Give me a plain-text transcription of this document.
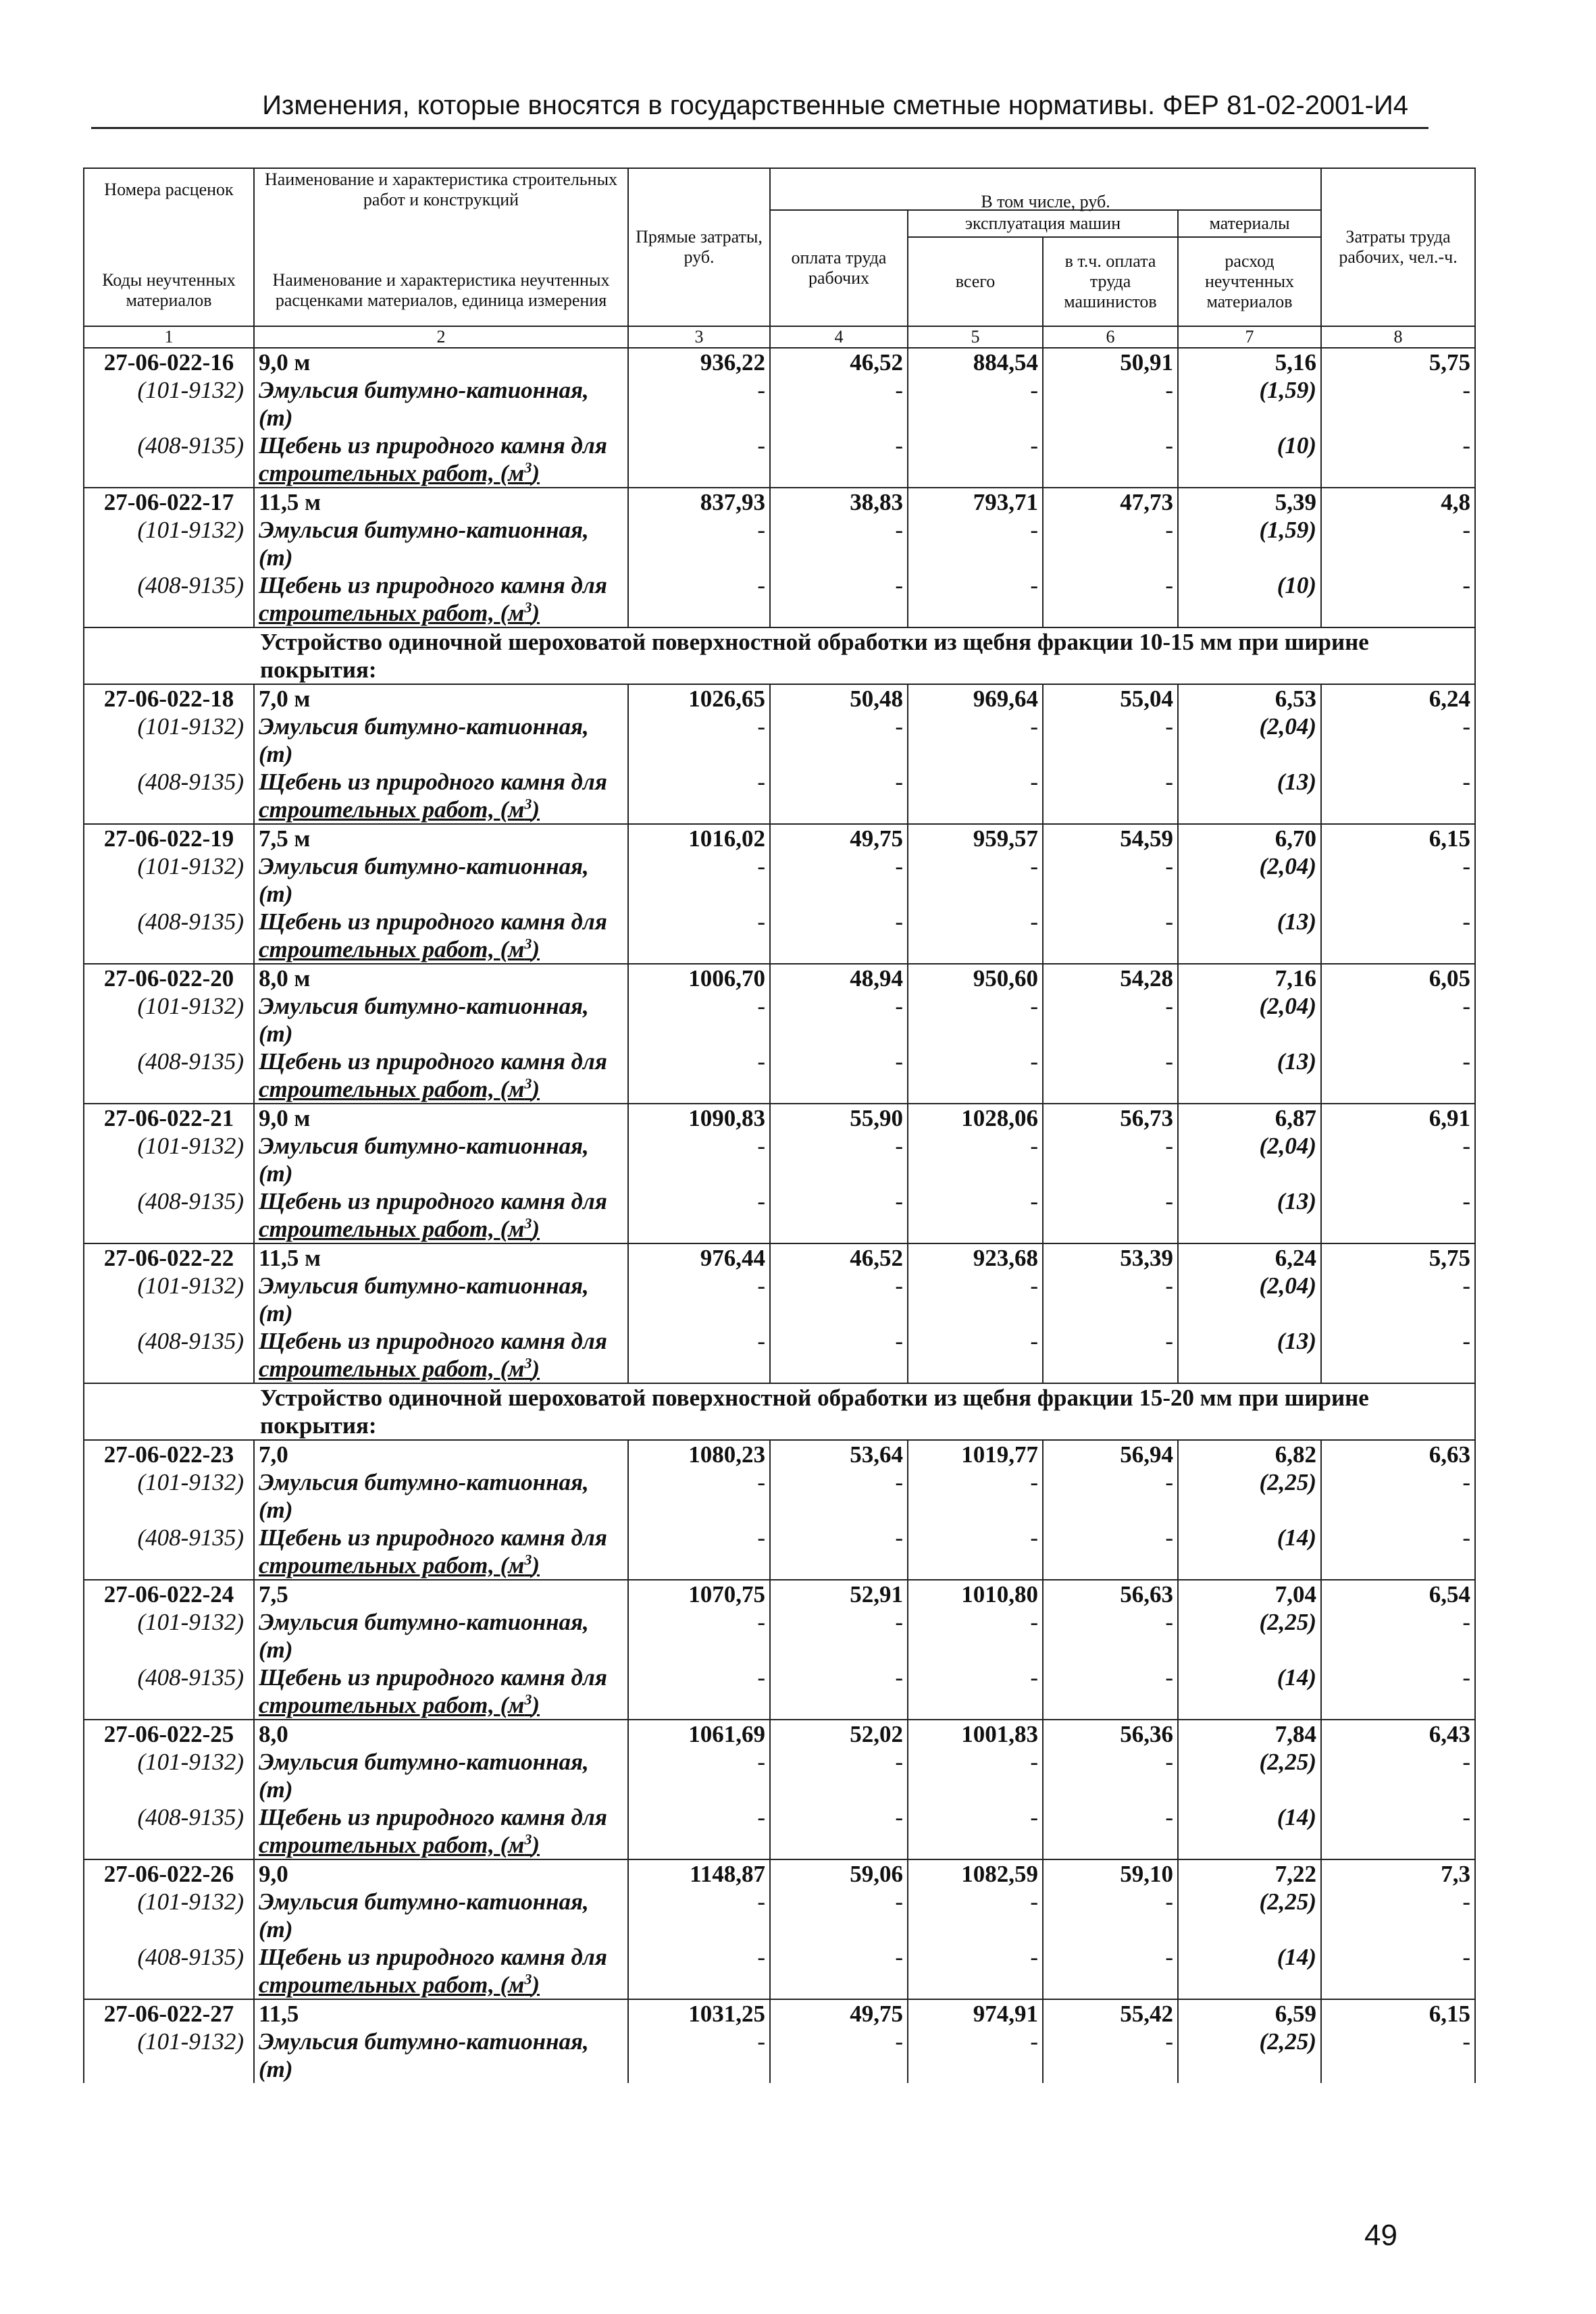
Изменения, которые вносятся в государственные сметные нормативы. ФЕР 81-02-2001-И4
Номера расценок	Наименование и характеристика строительных работ и конструкций	Прямые затраты, руб.	В том числе, руб.				Затраты труда рабочих, чел.-ч.
Коды неучтенных материалов	Наименование и характеристика неучтенных расценками материалов, единица измерения		оплата труда рабочих	эксплуатация машин		материалы	
				всего	в т.ч. оплата труда машинистов	расход неучтенных материалов	
1	2	3	4	5	6	7	8
27-06-022-16	9,0 м	936,22	46,52	884,54	50,91	5,16	5,75
(101-9132)	Эмульсия битумно-катионная,	-	-	-	-	(1,59)	-
	(т)						
(408-9135)	Щебень из природного камня для	-	-	-	-	(10)	-
	строительных работ, $(м^3)$						
27-06-022-17	11,5 м	837,93	38,83	793,71	47,73	5,39	4,8
(101-9132)	Эмульсия битумно-катионная,	-	-	-	-	(1,59)	-
	(т)						
(408-9135)	Щебень из природного камня для	-	-	-	-	(10)	-
	строительных работ, $(м^3)$						
Устройство одиночной шероховатой поверхностной обработки из щебня фракции 10-15 мм при ширине покрытия:							
27-06-022-18	7,0 м	1026,65	50,48	969,64	55,04	6,53	6,24
(101-9132)	Эмульсия битумно-катионная,	-	-	-	-	(2,04)	-
	(т)						
(408-9135)	Щебень из природного камня для	-	-	-	-	(13)	-
	строительных работ, $(м^3)$						
27-06-022-19	7,5 м	1016,02	49,75	959,57	54,59	6,70	6,15
(101-9132)	Эмульсия битумно-катионная,	-	-	-	-	(2,04)	-
	(т)						
(408-9135)	Щебень из природного камня для	-	-	-	-	(13)	-
	строительных работ, $(м^3)$						
27-06-022-20	8,0 м	1006,70	48,94	950,60	54,28	7,16	6,05
(101-9132)	Эмульсия битумно-катионная,	-	-	-	-	(2,04)	-
	(т)						
(408-9135)	Щебень из природного камня для	-	-	-	-	(13)	-
	строительных работ, $(м^3)$						
27-06-022-21	9,0 м	1090,83	55,90	1028,06	56,73	6,87	6,91
(101-9132)	Эмульсия битумно-катионная,	-	-	-	-	(2,04)	-
	(т)						
(408-9135)	Щебень из природного камня для	-	-	-	-	(13)	-
	строительных работ, $(м^3)$						
27-06-022-22	11,5 м	976,44	46,52	923,68	53,39	6,24	5,75
(101-9132)	Эмульсия битумно-катионная,	-	-	-	-	(2,04)	-
	(т)						
(408-9135)	Щебень из природного камня для	-	-	-	-	(13)	-
	строительных работ, $(м^3)$						
Устройство одиночной шероховатой поверхностной обработки из щебня фракции 15-20 мм при ширине покрытия:							
27-06-022-23	7,0	1080,23	53,64	1019,77	56,94	6,82	6,63
(101-9132)	Эмульсия битумно-катионная,	-	-	-	-	(2,25)	-
	(т)						
(408-9135)	Щебень из природного камня для	-	-	-	-	(14)	-
	строительных работ, $(м^3)$						
27-06-022-24	7,5	1070,75	52,91	1010,80	56,63	7,04	6,54
(101-9132)	Эмульсия битумно-катионная,	-	-	-	-	(2,25)	-
	(т)						
(408-9135)	Щебень из природного камня для	-	-	-	-	(14)	-
	строительных работ, $(м^3)$						
27-06-022-25	8,0	1061,69	52,02	1001,83	56,36	7,84	6,43
(101-9132)	Эмульсия битумно-катионная,	-	-	-	-	(2,25)	-
	(т)						
(408-9135)	Щебень из природного камня для	-	-	-	-	(14)	-
	строительных работ, $(м^3)$						
27-06-022-26	9,0	1148,87	59,06	1082,59	59,10	7,22	7,3
(101-9132)	Эмульсия битумно-катионная,	-	-	-	-	(2,25)	-
	(т)						
(408-9135)	Щебень из природного камня для	-	-	-	-	(14)	-
	строительных работ, $(м^3)$						
27-06-022-27	11,5	1031,25	49,75	974,91	55,42	6,59	6,15
(101-9132)	Эмульсия битумно-катионная,	-	-	-	-	(2,25)	-
	(т)						
49
